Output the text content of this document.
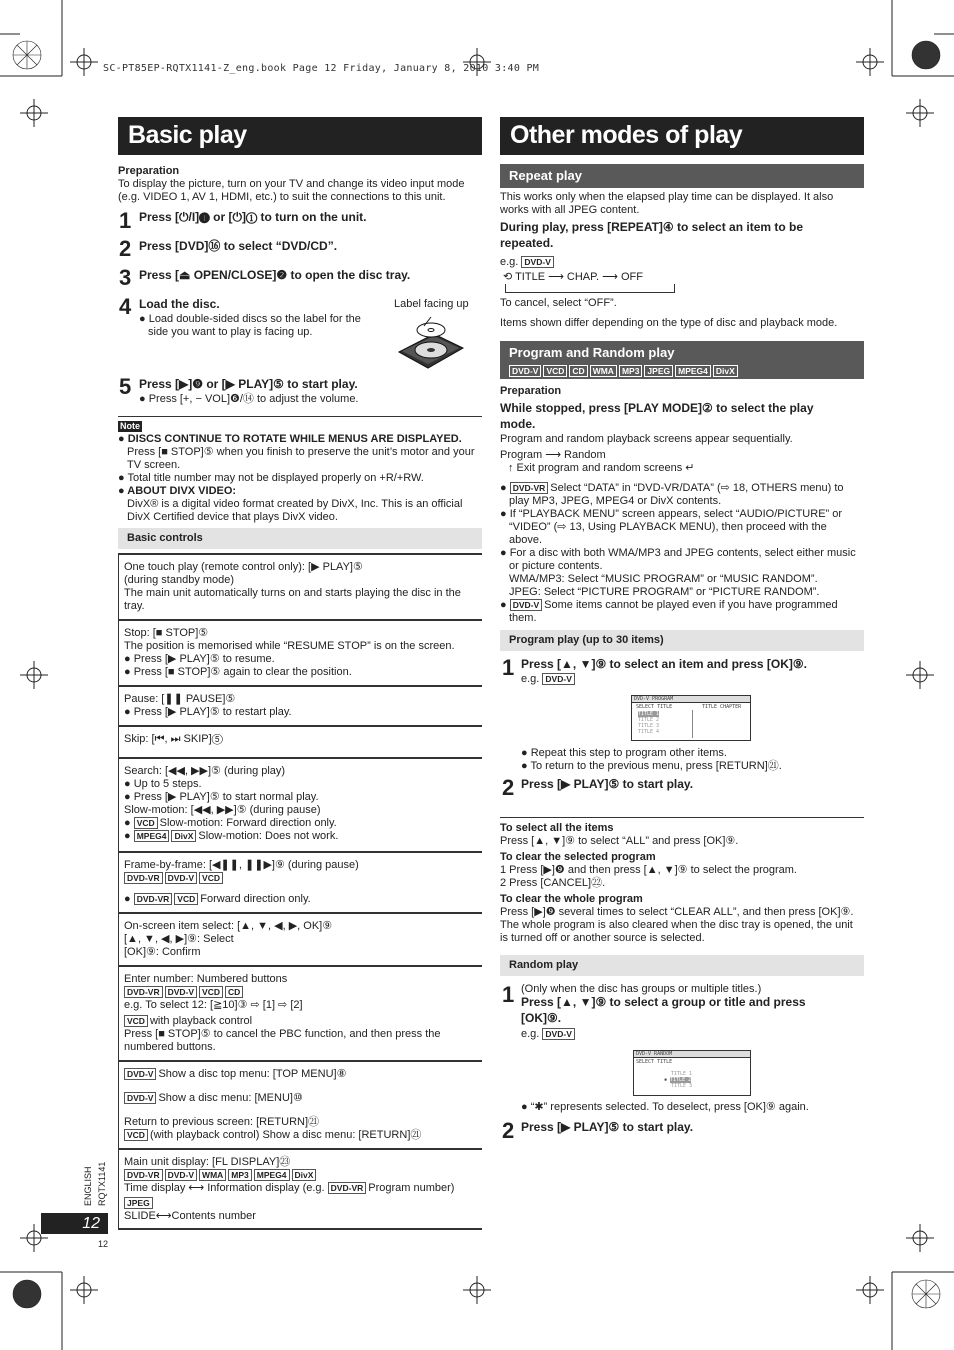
SC-PT85EP-RQTX1141-Z_eng.book Page 12 Friday, January 8, 2010 3:40 PM
Basic play
Preparation
To display the picture, turn on your TV and change its video input mode
(e.g. VIDEO 1, AV 1, HDMI, etc.) to suit the connections to this unit.
1 Press [⏻/I]❶ or [⏻]① to turn on the unit.
2 Press [DVD]⑯ to select “DVD/CD”.
3 Press [⏏ OPEN/CLOSE]❷ to open the disc tray.
4 Load the disc.
● Load double-sided discs so the label for the
side you want to play is facing up.
Label facing up
5 Press [▶]❾ or [▶ PLAY]⑤ to start play.
● Press [+, − VOL]❻/⑭ to adjust the volume.
Note
● DISCS CONTINUE TO ROTATE WHILE MENUS ARE DISPLAYED.
Press [■ STOP]⑤ when you finish to preserve the unit’s motor and your
TV screen.
● Total title number may not be displayed properly on +R/+RW.
● ABOUT DIVX VIDEO:
DivX® is a digital video format created by DivX, Inc. This is an official
DivX Certified device that plays DivX video.
Basic controls
One touch play (remote control only): [▶ PLAY]⑤
(during standby mode)
The main unit automatically turns on and starts playing the disc in the
tray.
Stop: [■ STOP]⑤
The position is memorised while “RESUME STOP” is on the screen.
● Press [▶ PLAY]⑤ to resume.
● Press [■ STOP]⑤ again to clear the position.
Pause: [❚❚ PAUSE]⑤
● Press [▶ PLAY]⑤ to restart play.
Skip: [⏮, ⏭ SKIP]⑤
Search: [◀◀, ▶▶]⑤ (during play)
● Up to 5 steps.
● Press [▶ PLAY]⑤ to start normal play.
Slow-motion: [◀◀, ▶▶]⑤ (during pause)
● VCD Slow-motion: Forward direction only.
● MPEG4 DivX Slow-motion: Does not work.
Frame-by-frame: [◀❚❚, ❚❚▶]⑨ (during pause)
DVD-VR DVD-V VCD
● DVD-VR VCD Forward direction only.
On-screen item select: [▲, ▼, ◀, ▶, OK]⑨
[▲, ▼, ◀, ▶]⑨: Select
[OK]⑨: Confirm
Enter number: Numbered buttons
DVD-VR DVD-V VCD CD
e.g. To select 12: [≧10]③ ⇨ [1] ⇨ [2]
VCD with playback control
Press [■ STOP]⑤ to cancel the PBC function, and then press the
numbered buttons.
DVD-V Show a disc top menu: [TOP MENU]⑧
DVD-V Show a disc menu: [MENU]⑩
Return to previous screen: [RETURN]㉑
VCD (with playback control) Show a disc menu: [RETURN]㉑
Main unit display: [FL DISPLAY]㉓
DVD-VR DVD-V WMA MP3 MPEG4 DivX
Time display ⟷ Information display (e.g. DVD-VR Program number)
JPEG
SLIDE⟷Contents number
ENGLISH RQTX1141
12
12
Other modes of play
Repeat play
This works only when the elapsed play time can be displayed. It also
works with all JPEG content.
During play, press [REPEAT]④ to select an item to be
repeated.
e.g. DVD-V
⟲ TITLE ⟶ CHAP. ⟶ OFF
To cancel, select “OFF”.
Items shown differ depending on the type of disc and playback mode.
Program and Random play
DVD-V VCD CD WMA MP3 JPEG MPEG4 DivX
Preparation
While stopped, press [PLAY MODE]② to select the play
mode.
Program and random playback screens appear sequentially.
Program ⟶ Random
↑ Exit program and random screens ↵
● DVD-VR Select “DATA” in “DVD-VR/DATA” (⇨ 18, OTHERS menu) to
play MP3, JPEG, MPEG4 or DivX contents.
● If “PLAYBACK MENU” screen appears, select “AUDIO/PICTURE” or
“VIDEO” (⇨ 13, Using PLAYBACK MENU), then proceed with the
above.
● For a disc with both WMA/MP3 and JPEG contents, select either music
or picture contents.
WMA/MP3: Select “MUSIC PROGRAM” or “MUSIC RANDOM”.
JPEG: Select “PICTURE PROGRAM” or “PICTURE RANDOM”.
● DVD-V Some items cannot be played even if you have programmed
them.
Program play (up to 30 items)
1 Press [▲, ▼]⑨ to select an item and press [OK]⑨.
e.g. DVD-V
DVD-V PROGRAM
SELECT TITLE	TITLE CHAPTER
TITLE 1
TITLE 2
TITLE 3
TITLE 4
● Repeat this step to program other items.
● To return to the previous menu, press [RETURN]㉑.
2 Press [▶ PLAY]⑤ to start play.
To select all the items
Press [▲, ▼]⑨ to select “ALL” and press [OK]⑨.
To clear the selected program
1 Press [▶]❾ and then press [▲, ▼]⑨ to select the program.
2 Press [CANCEL]㉒.
To clear the whole program
Press [▶]❾ several times to select “CLEAR ALL”, and then press [OK]⑨.
The whole program is also cleared when the disc tray is opened, the unit
is turned off or another source is selected.
Random play
1 (Only when the disc has groups or multiple titles.)
Press [▲, ▼]⑨ to select a group or title and press
[OK]⑨.
e.g. DVD-V
DVD-V RANDOM
SELECT TITLE
TITLE 1
✱ TITLE 2
TITLE 3
● “✱” represents selected. To deselect, press [OK]⑨ again.
2 Press [▶ PLAY]⑤ to start play.
